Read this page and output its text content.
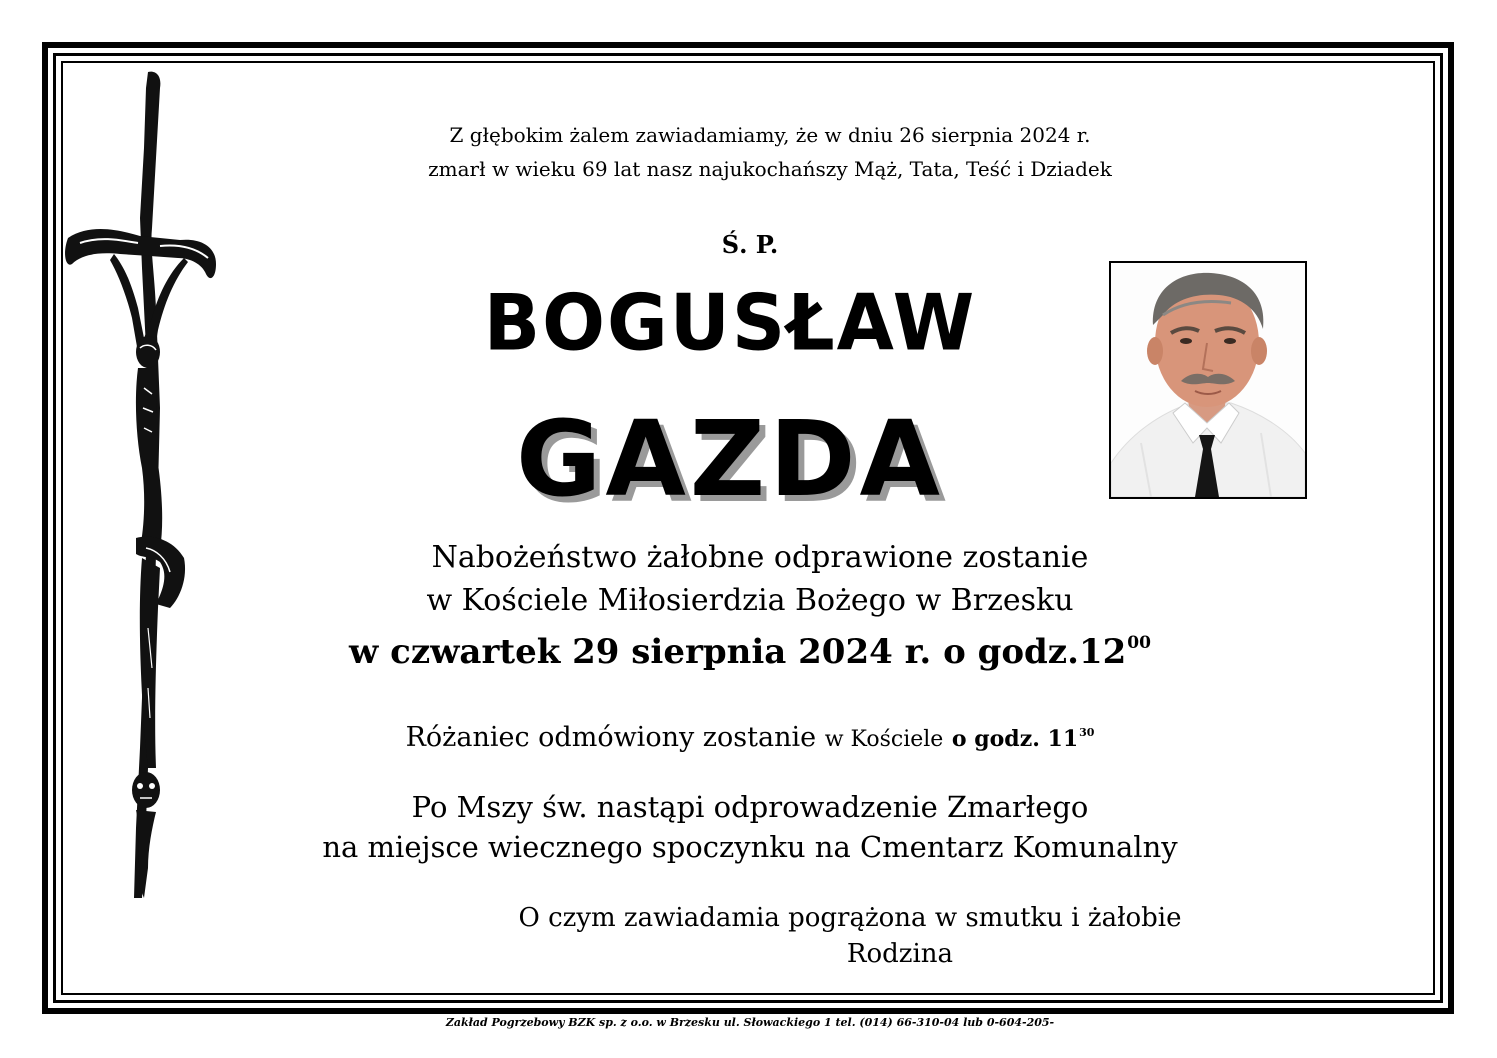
Z głębokim żalem zawiadamiamy, że w dniu 26 sierpnia 2024 r.
zmarł w wieku 69 lat nasz najukochańszy Mąż, Tata, Teść i Dziadek
Ś. P.
BOGUSŁAW
GAZDA
Nabożeństwo żałobne odprawione zostanie
w Kościele Miłosierdzia Bożego w Brzesku
w czwartek 29 sierpnia 2024 r. o $godz.12^{00}$
Różaniec odmówiony zostanie w Kościele o godz. $11^{30}$
Po Mszy św. nastąpi odprowadzenie Zmarłego
na miejsce wiecznego spoczynku na Cmentarz Komunalny
O czym zawiadamia pogrążona w smutku i żałobie
Rodzina
Zakład Pogrzebowy BZK sp. z o.o. w Brzesku ul. Słowackiego 1 tel. (014) 66-310-04 lub 0-604-205-
